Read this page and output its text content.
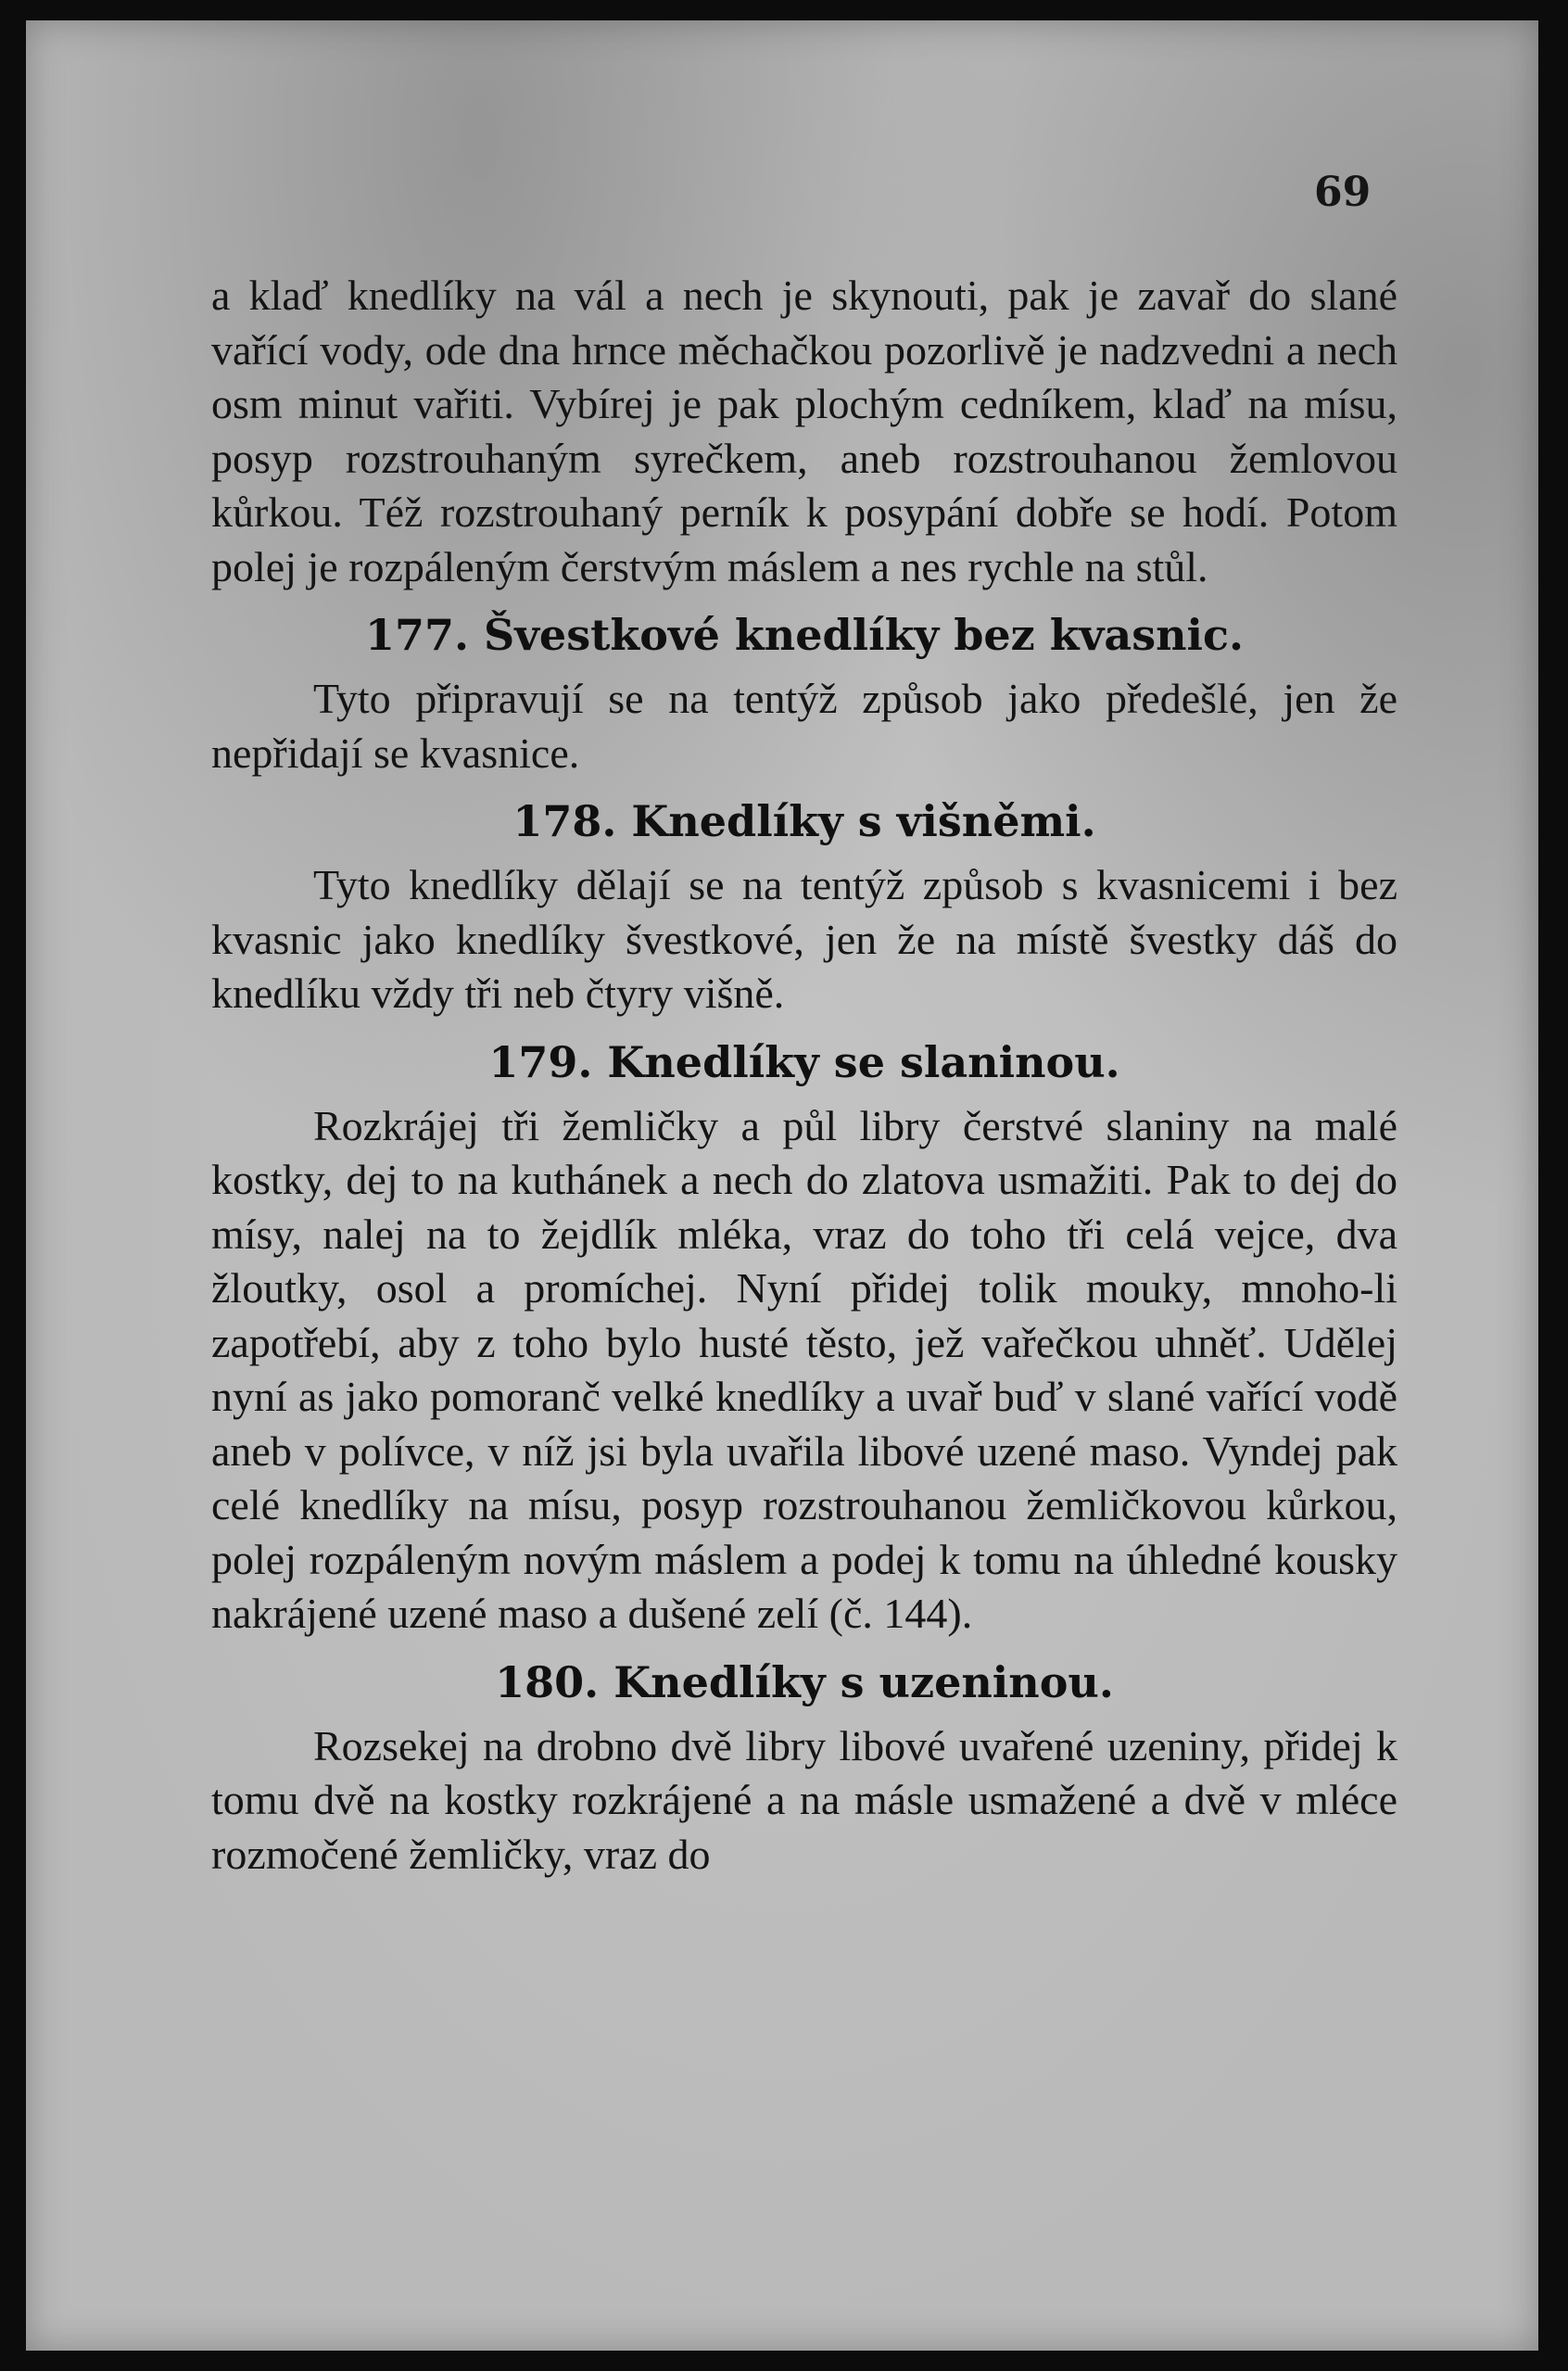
69

a klaď knedlíky na vál a nech je skynouti, pak je zavař do slané vařící vody, ode dna hrnce měchačkou pozorlivě je nadzvedni a nech osm minut vařiti. Vybírej je pak plochým cedníkem, klaď na mísu, posyp rozstrouhaným syrečkem, aneb rozstrouhanou žemlovou kůrkou. Též rozstrouhaný perník k posypání dobře se hodí. Potom polej je rozpáleným čerstvým máslem a nes rychle na stůl.

177. Švestkové knedlíky bez kvasnic.

Tyto připravují se na tentýž způsob jako předešlé, jen že nepřidají se kvasnice.

178. Knedlíky s višněmi.

Tyto knedlíky dělají se na tentýž způsob s kvasnicemi i bez kvasnic jako knedlíky švestkové, jen že na místě švestky dáš do knedlíku vždy tři neb čtyry višně.

179. Knedlíky se slaninou.

Rozkrájej tři žemličky a půl libry čerstvé slaniny na malé kostky, dej to na kuthánek a nech do zlatova usmažiti. Pak to dej do mísy, nalej na to žejdlík mléka, vraz do toho tři celá vejce, dva žloutky, osol a promíchej. Nyní přidej tolik mouky, mnoho-li zapotřebí, aby z toho bylo husté těsto, jež vařečkou uhněť. Udělej nyní as jako pomoranč velké knedlíky a uvař buď v slané vařící vodě aneb v polívce, v níž jsi byla uvařila libové uzené maso. Vyndej pak celé knedlíky na mísu, posyp rozstrouhanou žemličkovou kůrkou, polej rozpáleným novým máslem a podej k tomu na úhledné kousky nakrájené uzené maso a dušené zelí (č. 144).

180. Knedlíky s uzeninou.

Rozsekej na drobno dvě libry libové uvařené uzeniny, přidej k tomu dvě na kostky rozkrájené a na másle usmažené a dvě v mléce rozmočené žemličky, vraz do
